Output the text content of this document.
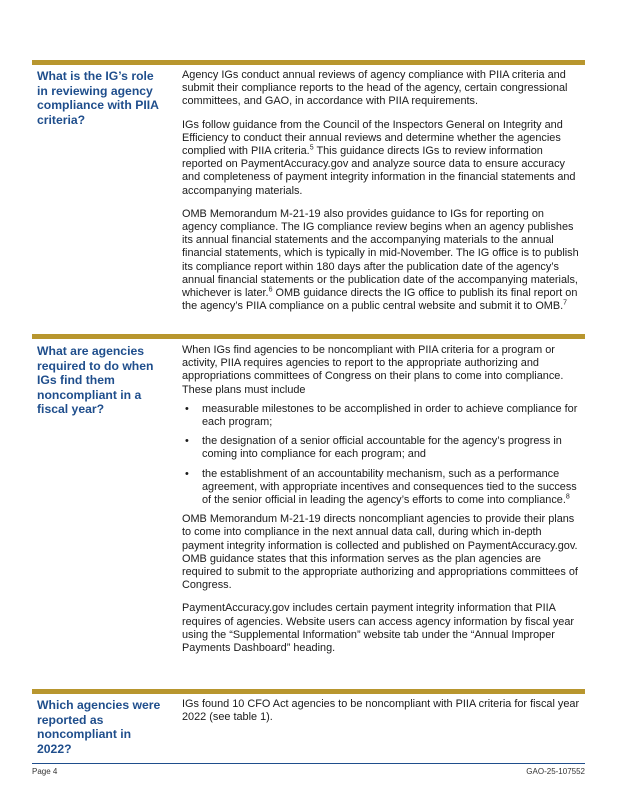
What is the IG’s role in reviewing agency compliance with PIIA criteria?

Agency IGs conduct annual reviews of agency compliance with PIIA criteria and submit their compliance reports to the head of the agency, certain congressional committees, and GAO, in accordance with PIIA requirements.

IGs follow guidance from the Council of the Inspectors General on Integrity and Efficiency to conduct their annual reviews and determine whether the agencies complied with PIIA criteria.$^5$ This guidance directs IGs to review information reported on PaymentAccuracy.gov and analyze source data to ensure accuracy and completeness of payment integrity information in the financial statements and accompanying materials.

OMB Memorandum M-21-19 also provides guidance to IGs for reporting on agency compliance. The IG compliance review begins when an agency publishes its annual financial statements and the accompanying materials to the annual financial statements, which is typically in mid-November. The IG office is to publish its compliance report within 180 days after the publication date of the agency’s annual financial statements or the publication date of the accompanying materials, whichever is later.$^6$ OMB guidance directs the IG office to publish its final report on the agency’s PIIA compliance on a public central website and submit it to OMB.$^7$

What are agencies required to do when IGs find them noncompliant in a fiscal year?

When IGs find agencies to be noncompliant with PIIA criteria for a program or activity, PIIA requires agencies to report to the appropriate authorizing and appropriations committees of Congress on their plans to come into compliance. These plans must include

• measurable milestones to be accomplished in order to achieve compliance for each program;
• the designation of a senior official accountable for the agency’s progress in coming into compliance for each program; and
• the establishment of an accountability mechanism, such as a performance agreement, with appropriate incentives and consequences tied to the success of the senior official in leading the agency’s efforts to come into compliance.$^8$

OMB Memorandum M-21-19 directs noncompliant agencies to provide their plans to come into compliance in the next annual data call, during which in-depth payment integrity information is collected and published on PaymentAccuracy.gov. OMB guidance states that this information serves as the plan agencies are required to submit to the appropriate authorizing and appropriations committees of Congress.

PaymentAccuracy.gov includes certain payment integrity information that PIIA requires of agencies. Website users can access agency information by fiscal year using the “Supplemental Information” website tab under the “Annual Improper Payments Dashboard” heading.

Which agencies were reported as noncompliant in 2022?

IGs found 10 CFO Act agencies to be noncompliant with PIIA criteria for fiscal year 2022 (see table 1).

Page 4	GAO-25-107552
